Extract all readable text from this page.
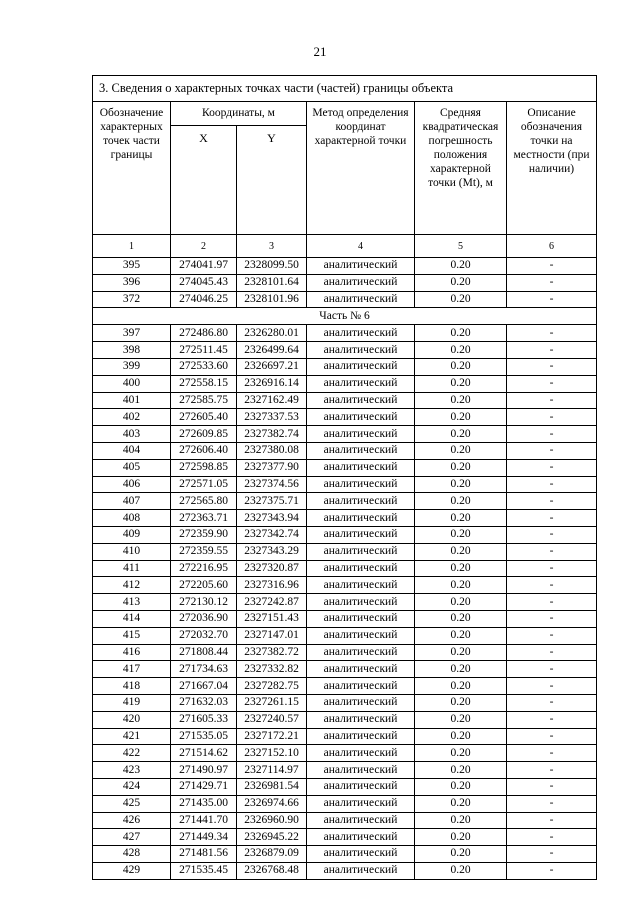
21
3. Сведения о характерных точках части (частей) границы объекта					
Обозначение характерных точек части границы	Координаты, м		Метод определения координат характерной точки	Средняя квадратическая погрешность положения характерной точки (Mt), м	Описание обозначения точки на местности (при наличии)
	X	Y			
1	2	3	4	5	6
395	274041.97	2328099.50	аналитический	0.20	-
396	274045.43	2328101.64	аналитический	0.20	-
372	274046.25	2328101.96	аналитический	0.20	-
Часть № 6					
397	272486.80	2326280.01	аналитический	0.20	-
398	272511.45	2326499.64	аналитический	0.20	-
399	272533.60	2326697.21	аналитический	0.20	-
400	272558.15	2326916.14	аналитический	0.20	-
401	272585.75	2327162.49	аналитический	0.20	-
402	272605.40	2327337.53	аналитический	0.20	-
403	272609.85	2327382.74	аналитический	0.20	-
404	272606.40	2327380.08	аналитический	0.20	-
405	272598.85	2327377.90	аналитический	0.20	-
406	272571.05	2327374.56	аналитический	0.20	-
407	272565.80	2327375.71	аналитический	0.20	-
408	272363.71	2327343.94	аналитический	0.20	-
409	272359.90	2327342.74	аналитический	0.20	-
410	272359.55	2327343.29	аналитический	0.20	-
411	272216.95	2327320.87	аналитический	0.20	-
412	272205.60	2327316.96	аналитический	0.20	-
413	272130.12	2327242.87	аналитический	0.20	-
414	272036.90	2327151.43	аналитический	0.20	-
415	272032.70	2327147.01	аналитический	0.20	-
416	271808.44	2327382.72	аналитический	0.20	-
417	271734.63	2327332.82	аналитический	0.20	-
418	271667.04	2327282.75	аналитический	0.20	-
419	271632.03	2327261.15	аналитический	0.20	-
420	271605.33	2327240.57	аналитический	0.20	-
421	271535.05	2327172.21	аналитический	0.20	-
422	271514.62	2327152.10	аналитический	0.20	-
423	271490.97	2327114.97	аналитический	0.20	-
424	271429.71	2326981.54	аналитический	0.20	-
425	271435.00	2326974.66	аналитический	0.20	-
426	271441.70	2326960.90	аналитический	0.20	-
427	271449.34	2326945.22	аналитический	0.20	-
428	271481.56	2326879.09	аналитический	0.20	-
429	271535.45	2326768.48	аналитический	0.20	-
